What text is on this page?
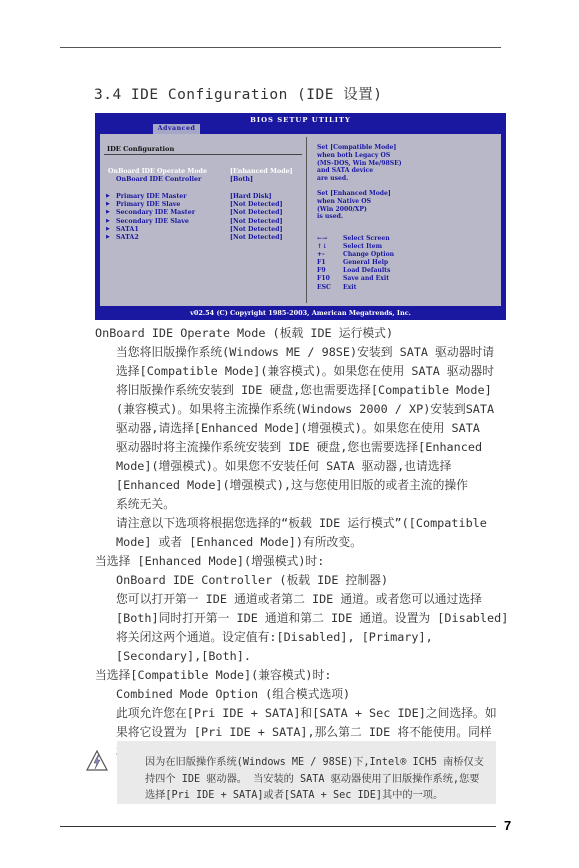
3.4 IDE Configuration (IDE 设置)
BIOS SETUP UTILITY
Advanced
IDE Configuration
OnBoard IDE Operate Mode	[Enhanced Mode]
OnBoard IDE Controller	[Both]
▶ Primary IDE Master	[Hard Disk]
▶ Primary IDE Slave	[Not Detected]
▶ Secondary IDE Master	[Not Detected]
▶ Secondary IDE Slave	[Not Detected]
▶ SATA1	[Not Detected]
▶ SATA2	[Not Detected]
Set [Compatible Mode]
when both Legacy OS
(MS-DOS, Win Me/98SE)
and SATA device
are used.
Set [Enhanced Mode]
when Native OS
(Win 2000/XP)
is used.
←→	Select Screen
↑↓	Select Item
+-	Change Option
F1	General Help
F9	Load Defaults
F10 Save and Exit
ESC Exit
v02.54 (C) Copyright 1985-2003, American Megatrends, Inc.
OnBoard IDE Operate Mode (板载 IDE 运行模式)
当您将旧版操作系统(Windows ME / 98SE)安装到 SATA 驱动器时请
选择[Compatible Mode](兼容模式)。如果您在使用 SATA 驱动器时
将旧版操作系统安装到 IDE 硬盘,您也需要选择[Compatible Mode]
(兼容模式)。如果将主流操作系统(Windows 2000 / XP)安装到SATA
驱动器,请选择[Enhanced Mode](增强模式)。如果您在使用 SATA
驱动器时将主流操作系统安装到 IDE 硬盘,您也需要选择[Enhanced
Mode](增强模式)。如果您不安装任何 SATA 驱动器,也请选择
[Enhanced Mode](增强模式),这与您使用旧版的或者主流的操作
系统无关。
请注意以下选项将根据您选择的“板载 IDE 运行模式”([Compatible
Mode] 或者 [Enhanced Mode])有所改变。
当选择 [Enhanced Mode](增强模式)时:
OnBoard IDE Controller (板载 IDE 控制器)
您可以打开第一 IDE 通道或者第二 IDE 通道。或者您可以通过选择
[Both]同时打开第一 IDE 通道和第二 IDE 通道。设置为 [Disabled]
将关闭这两个通道。设定值有:[Disabled], [Primary],
[Secondary],[Both].
当选择[Compatible Mode](兼容模式)时:
Combined Mode Option (组合模式选项)
此项允许您在[Pri IDE + SATA]和[SATA + Sec IDE]之间选择。如
果将它设置为 [Pri IDE + SATA],那么第二 IDE 将不能使用。同样
因为在旧版操作系统(Windows ME / 98SE)下,Intel® ICH5 南桥仅支
持四个 IDE 驱动器。 当安装的 SATA 驱动器使用了旧版操作系统,您要
选择[Pri IDE + SATA]或者[SATA + Sec IDE]其中的一项。
7
